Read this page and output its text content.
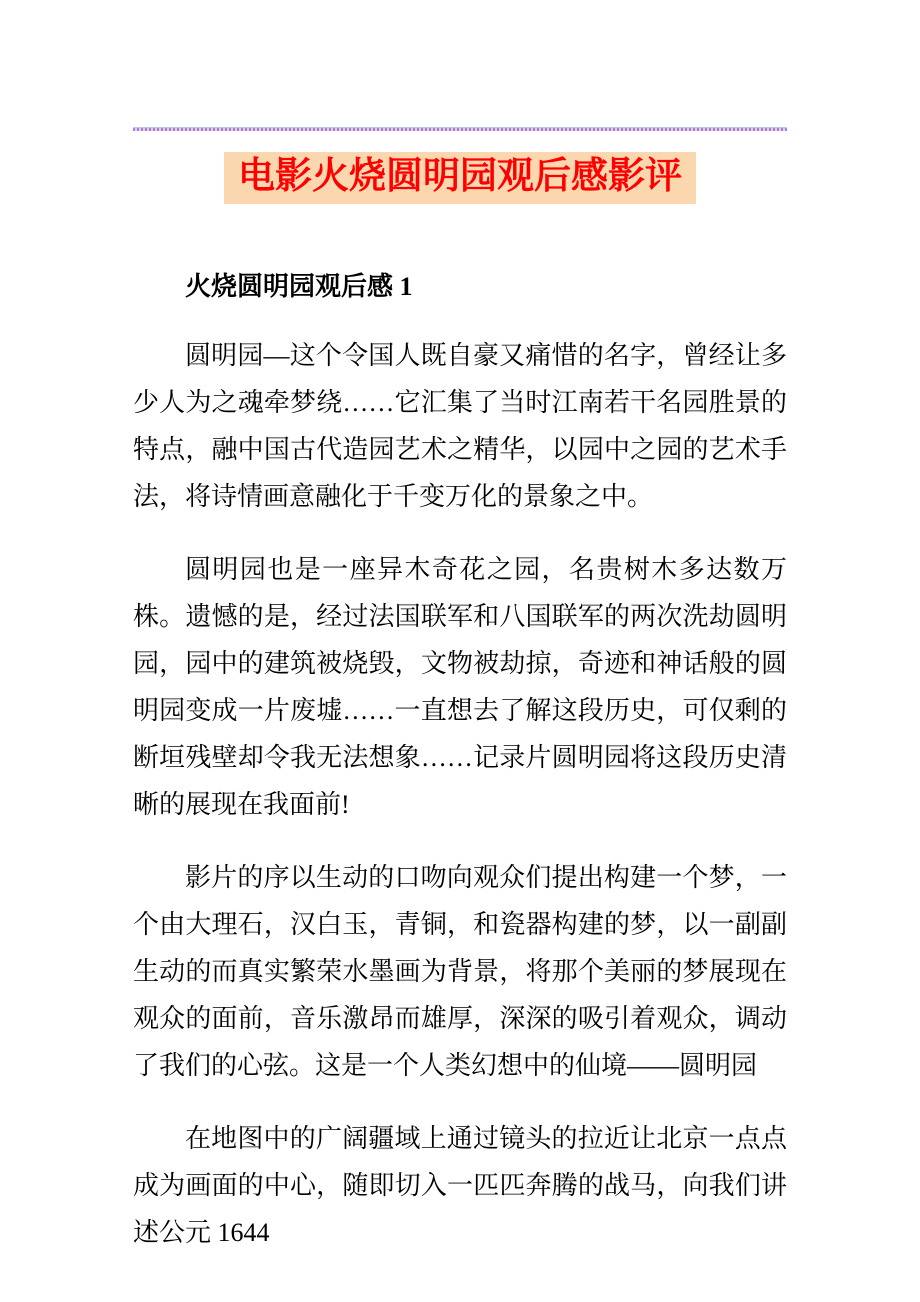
电影火烧圆明园观后感影评
火烧圆明园观后感 1

圆明园—这个令国人既自豪又痛惜的名字，曾经让多少人为之魂牵梦绕……它汇集了当时江南若干名园胜景的特点，融中国古代造园艺术之精华，以园中之园的艺术手法，将诗情画意融化于千变万化的景象之中。

圆明园也是一座异木奇花之园，名贵树木多达数万株。遗憾的是，经过法国联军和八国联军的两次洗劫圆明园，园中的建筑被烧毁，文物被劫掠，奇迹和神话般的圆明园变成一片废墟……一直想去了解这段历史，可仅剩的断垣残壁却令我无法想象……记录片圆明园将这段历史清晰的展现在我面前!

影片的序以生动的口吻向观众们提出构建一个梦，一个由大理石，汉白玉，青铜，和瓷器构建的梦，以一副副生动的而真实繁荣水墨画为背景，将那个美丽的梦展现在观众的面前，音乐激昂而雄厚，深深的吸引着观众，调动了我们的心弦。这是一个人类幻想中的仙境——圆明园

在地图中的广阔疆域上通过镜头的拉近让北京一点点成为画面的中心，随即切入一匹匹奔腾的战马，向我们讲述公元 1644
